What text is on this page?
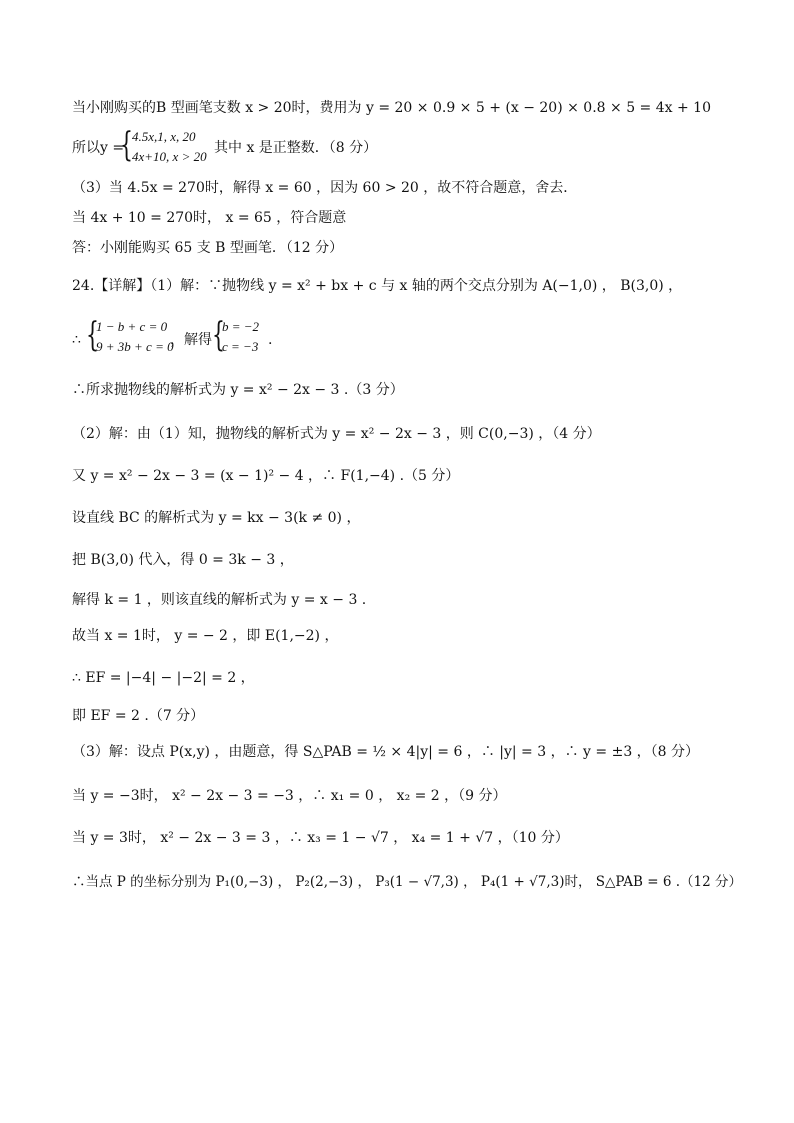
当小刚购买的B 型画笔支数 x > 20时，费用为 y = 20 × 0.9 × 5 + (x − 20) × 0.8 × 5 = 4x + 10
所以y =
{ 4.5x,1, x, 20
4x+10, x > 20
其中 x 是正整数．（8 分）
（3）当 4.5x = 270时，解得 x = 60 ，因为 60 > 20 ，故不符合题意，舍去．
当 4x + 10 = 270时， x = 65 ，符合题意
答：小刚能购买 65 支 B 型画笔．（12 分）
24.【详解】（1）解：∵抛物线 y = x² + bx + c 与 x 轴的两个交点分别为 A(−1,0) ， B(3,0) ，
∴ {
1 − b + c = 0
9 + 3b + c = 0
，解得 {
b = −2
c = −3 .
∴所求抛物线的解析式为 y = x² − 2x − 3 .（3 分）
（2）解：由（1）知，抛物线的解析式为 y = x² − 2x − 3 ，则 C(0,−3) ，（4 分）
又 y = x² − 2x − 3 = (x − 1)² − 4 ，∴ F(1,−4) .（5 分）
设直线 BC 的解析式为 y = kx − 3(k ≠ 0) ，
把 B(3,0) 代入，得 0 = 3k − 3 ，
解得 k = 1 ，则该直线的解析式为 y = x − 3 .
故当 x = 1时， y = − 2 ，即 E(1,−2) ，
∴ EF = |−4| − |−2| = 2 ，
即 EF = 2 .（7 分）
（3）解：设点 P(x,y) ，由题意，得 S△PAB = ½ × 4|y| = 6 ，∴ |y| = 3 ，∴ y = ±3 ，（8 分）
当 y = −3时， x² − 2x − 3 = −3 ，∴ x₁ = 0 ， x₂ = 2 ，（9 分）
当 y = 3时， x² − 2x − 3 = 3 ，∴ x₃ = 1 − √7 ， x₄ = 1 + √7 ，（10 分）
∴当点 P 的坐标分别为 P₁(0,−3) ， P₂(2,−3) ， P₃(1 − √7,3) ， P₄(1 + √7,3)时， S△PAB = 6 .（12 分）
